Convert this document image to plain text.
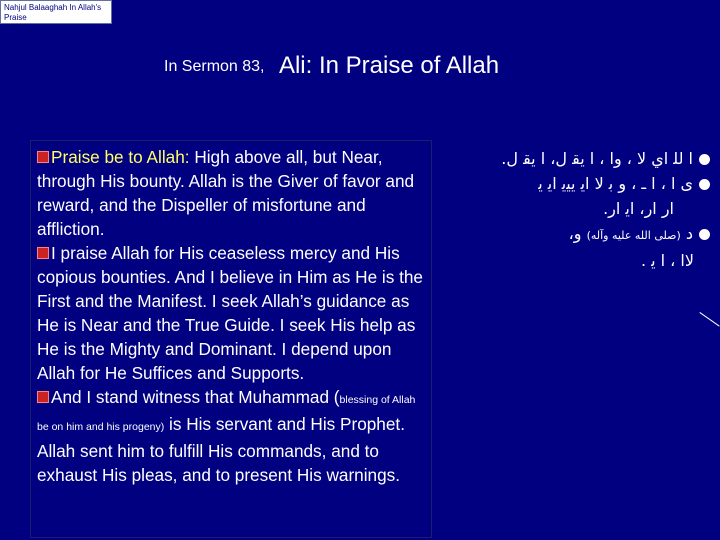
Nahjul Balaaghah In Allah's Praise
In Sermon 83, Ali: In Praise of Allah

Praise be to Allah: High above all, but Near, through His bounty. Allah is the Giver of favor and reward, and the Dispeller of misfortune and affliction.

I praise Allah for His ceaseless mercy and His copious bounties. And I believe in Him as He is the First and the Manifest. I seek Allah’s guidance as He is Near and the True Guide. I seek His help as He is the Mighty and Dominant. I depend upon Allah for He Suffices and Supports.

And I stand witness that Muhammad (blessing of Allah be on him and his progeny) is His servant and His Prophet. Allah sent him to fulfill His commands, and to exhaust His pleas, and to present His warnings.

ا ﻟﻠ ﺍﻱ ﻻ ، ﻭﺍ ، ﺍ ﻳﻘ ﻝ، ﺍ ﻳﻘ ﻝ.
ﻯ ﺍ ، ﺍ ـ ، ﻭ ﺑ ﻻ ﺍﻳ ﻳﻴﻳ ﺍﻳ ﻳ
ﺍﺭ ﺍﺭ، ﺍﻳ ﺍﺭ.
ﺩ (ﺻﻠﻰ ﺍﻟﻠﻪ ﻋﻠﻴﻪ ﻭﺁﻟﻪ) ﻭ،
ﻻﺍ ، ﺍ ﻳ .
